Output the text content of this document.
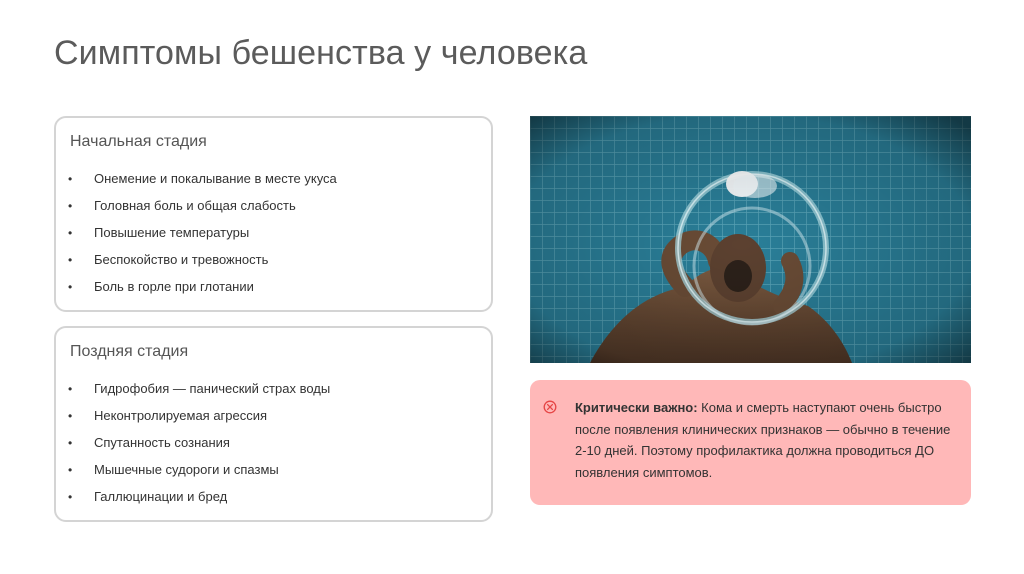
Симптомы бешенства у человека
Начальная стадия
•	Онемение и покалывание в месте укуса
•	Головная боль и общая слабость
•	Повышение температуры
•	Беспокойство и тревожность
•	Боль в горле при глотании
Поздняя стадия
•	Гидрофобия — панический страх воды
•	Неконтролируемая агрессия
•	Спутанность сознания
•	Мышечные судороги и спазмы
•	Галлюцинации и бред
Критически важно: Кома и смерть наступают очень быстро после появления клинических признаков — обычно в течение 2-10 дней. Поэтому профилактика должна проводиться ДО появления симптомов.
